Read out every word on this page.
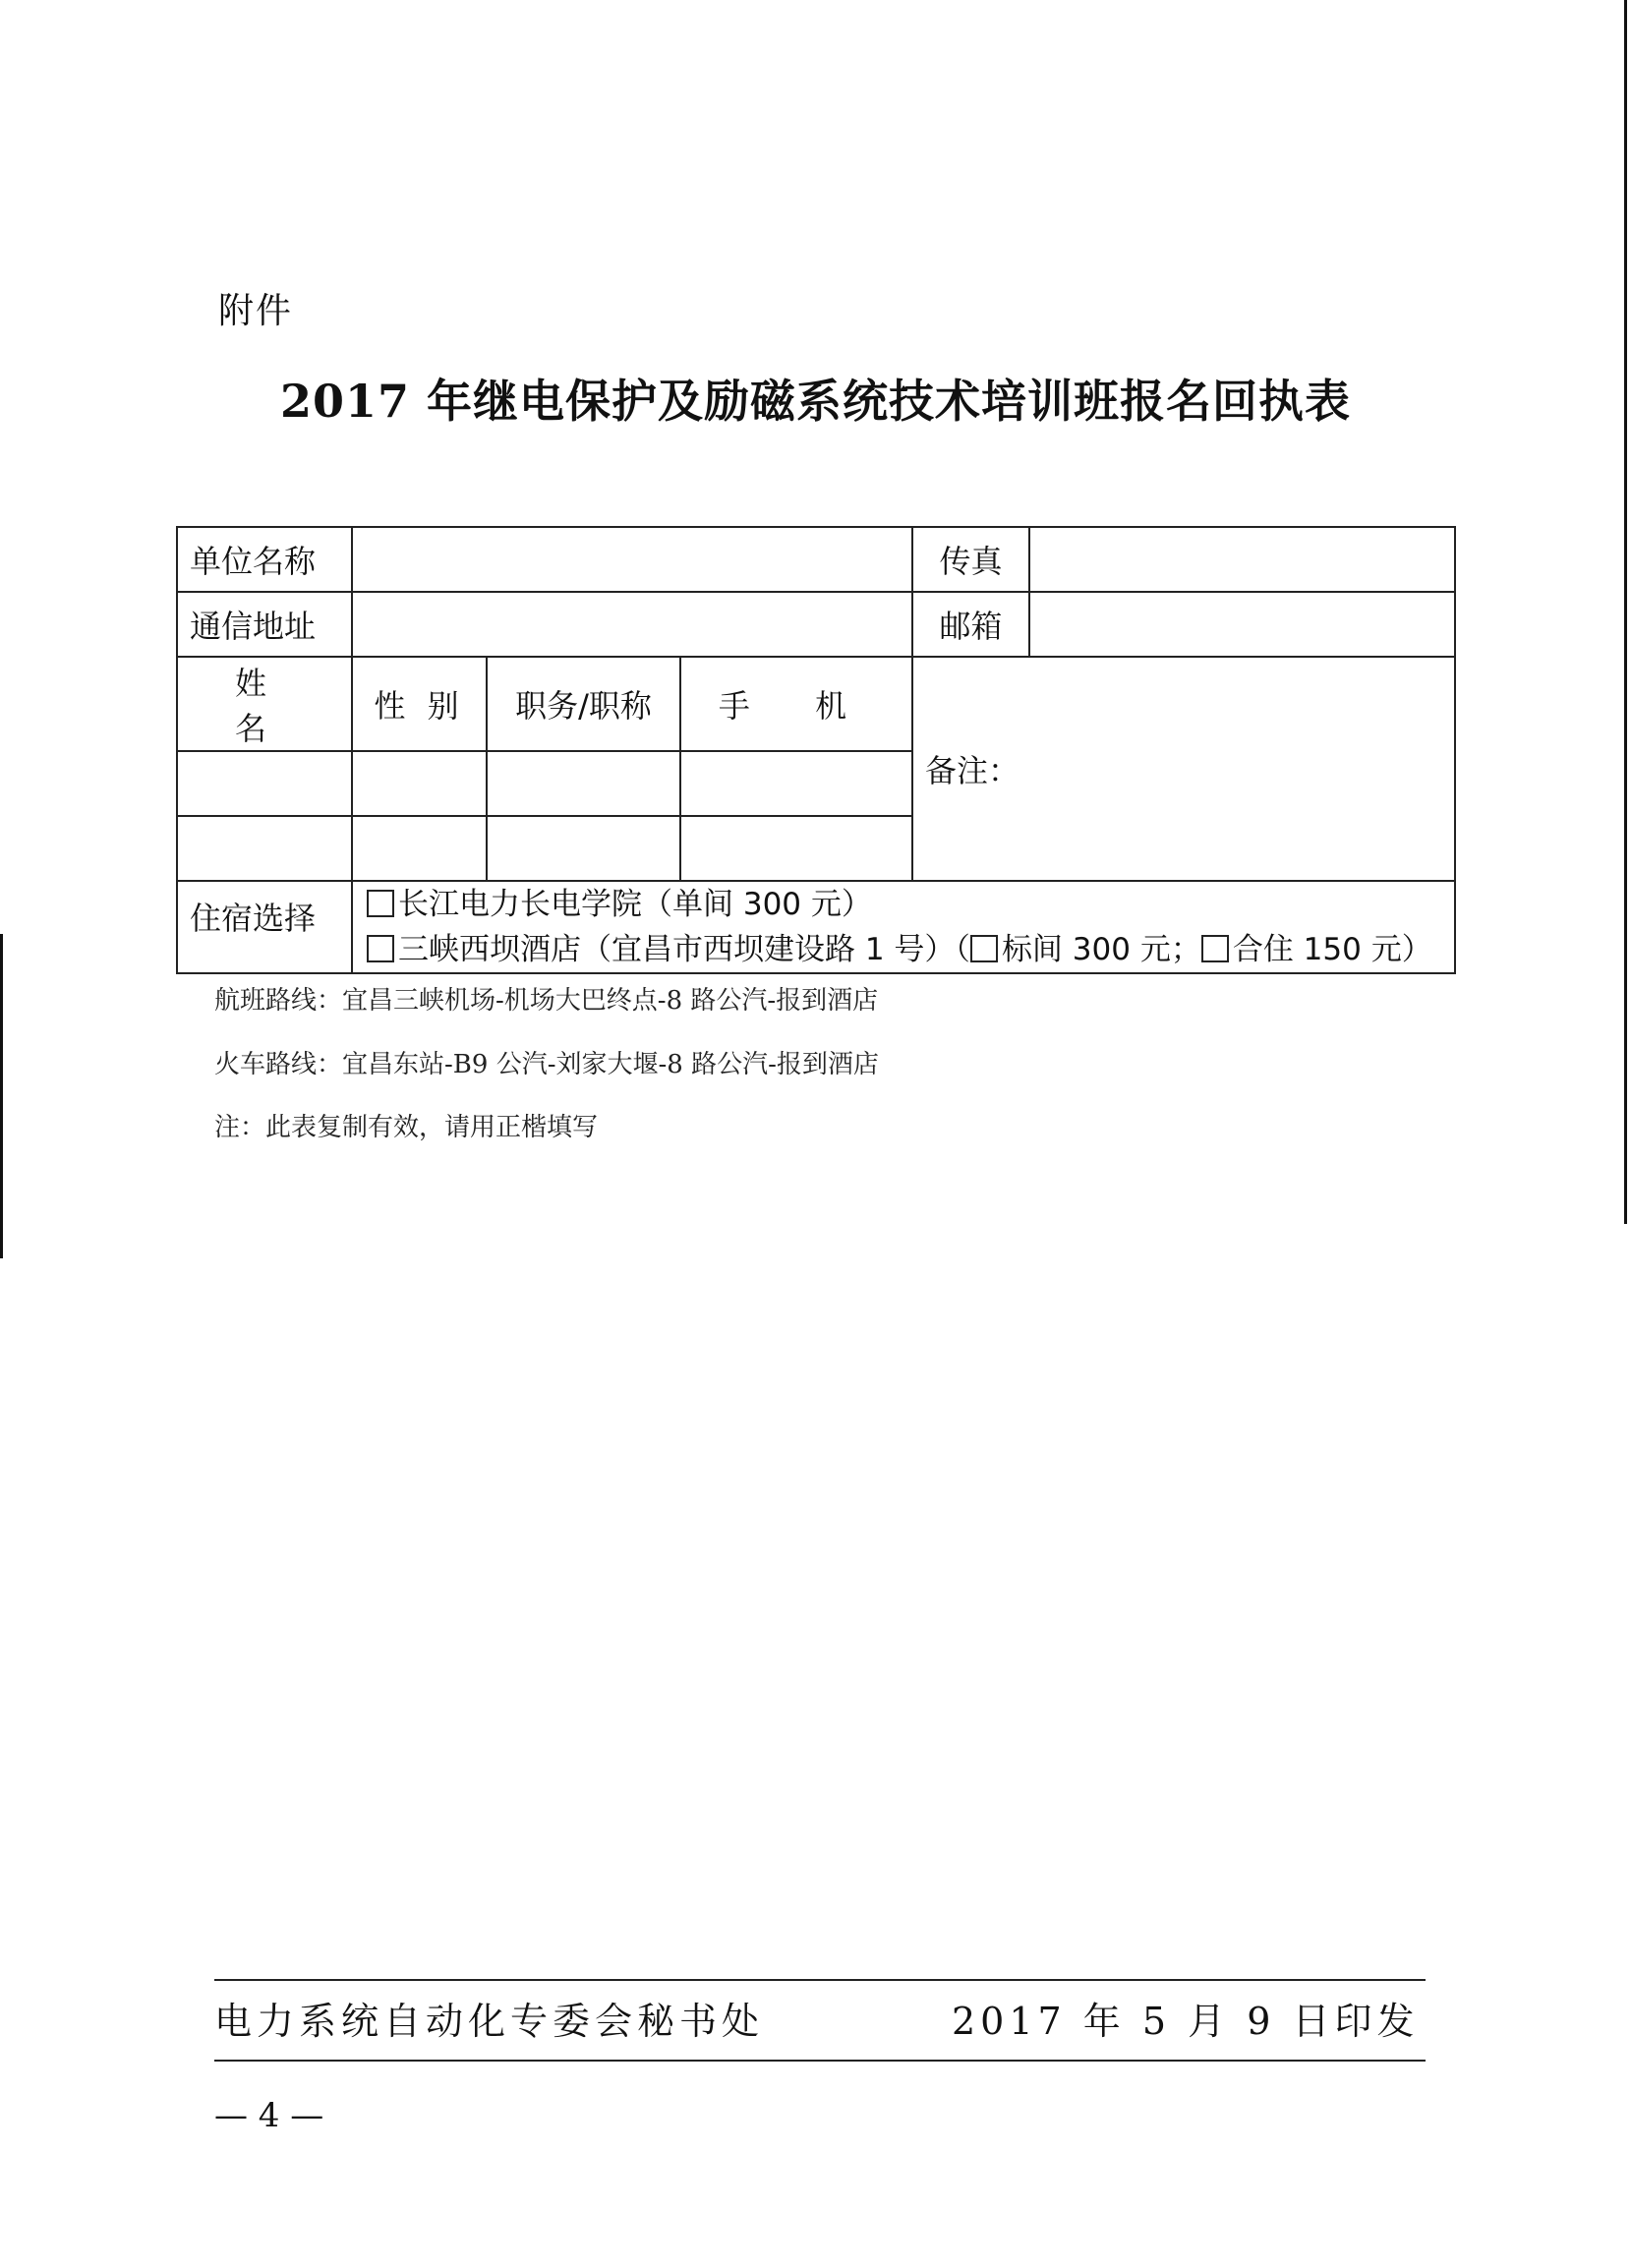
附件
2017 年继电保护及励磁系统技术培训班报名回执表
单位名称				传真	
通信地址				邮箱	
姓 名	性 别	职务/职称	手 机	备注：	

住宿选择	长江电力长电学院（单间 300 元）
三峡西坝酒店（宜昌市西坝建设路 1 号）（ 标间 300 元； 合住 150 元）				
航班路线：宜昌三峡机场-机场大巴终点-8 路公汽-报到酒店
火车路线：宜昌东站-B9 公汽-刘家大堰-8 路公汽-报到酒店
注：此表复制有效，请用正楷填写
电力系统自动化专委会秘书处	2017 年 5 月 9 日印发
— 4 —
